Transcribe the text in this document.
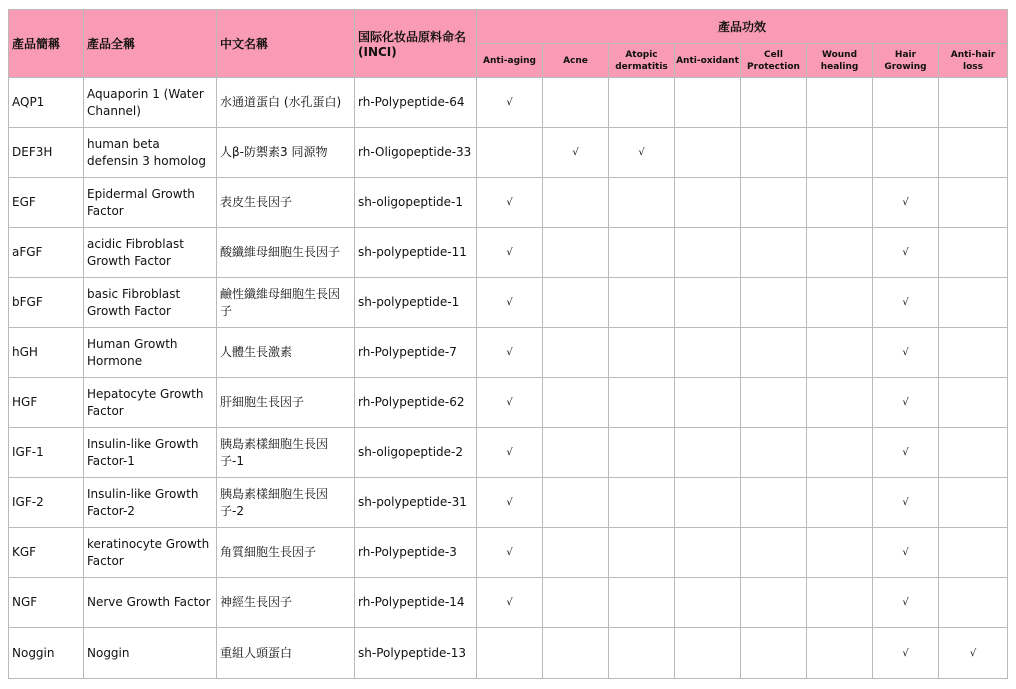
產品簡稱	產品全稱	中文名稱	国际化妆品原料命名 (INCI)	產品功效							
				Anti-aging	Acne	Atopic dermatitis	Anti-oxidant	Cell Protection	Wound healing	Hair Growing	Anti-hair loss
AQP1	Aquaporin 1 (Water Channel)	水通道蛋白 (水孔蛋白)	rh-Polypeptide-64	√							
DEF3H	human beta defensin 3 homolog	人β-防禦素3 同源物	rh-Oligopeptide-33		√	√					
EGF	Epidermal Growth Factor	表皮生長因子	sh-oligopeptide-1	√						√	
aFGF	acidic Fibroblast Growth Factor	酸纖維母細胞生長因子	sh-polypeptide-11	√						√	
bFGF	basic Fibroblast Growth Factor	鹼性纖維母細胞生長因子	sh-polypeptide-1	√						√	
hGH	Human Growth Hormone	人體生長激素	rh-Polypeptide-7	√						√	
HGF	Hepatocyte Growth Factor	肝細胞生長因子	rh-Polypeptide-62	√						√	
IGF-1	Insulin-like Growth Factor-1	胰島素樣細胞生長因子-1	sh-oligopeptide-2	√						√	
IGF-2	Insulin-like Growth Factor-2	胰島素樣細胞生長因子-2	sh-polypeptide-31	√						√	
KGF	keratinocyte Growth Factor	角質細胞生長因子	rh-Polypeptide-3	√						√	
NGF	Nerve Growth Factor	神經生長因子	rh-Polypeptide-14	√						√	
Noggin	Noggin	重組人頭蛋白	sh-Polypeptide-13							√	√
